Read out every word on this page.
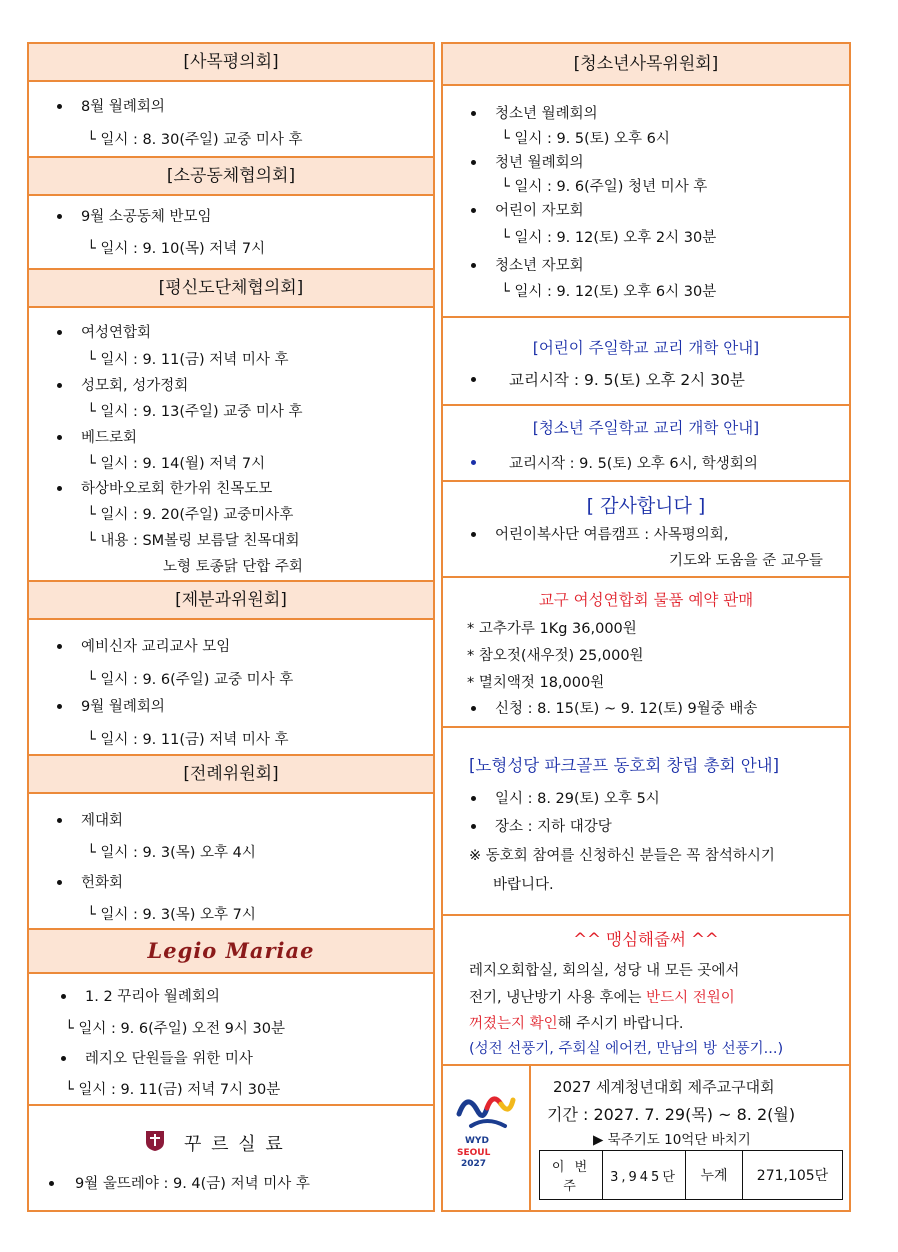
[사목평의회]
8월 월례회의
└ 일시 : 8. 30(주일) 교중 미사 후
[소공동체협의회]
9월 소공동체 반모임
└ 일시 : 9. 10(목) 저녁 7시
[평신도단체협의회]
여성연합회
└ 일시 : 9. 11(금) 저녁 미사 후
성모회, 성가정회
└ 일시 : 9. 13(주일) 교중 미사 후
베드로회
└ 일시 : 9. 14(월) 저녁 7시
하상바오로회 한가위 친목도모
└ 일시 : 9. 20(주일) 교중미사후
└ 내용 : SM볼링 보름달 친목대회
노형 토종닭 단합 주회
[제분과위원회]
예비신자 교리교사 모임
└ 일시 : 9. 6(주일) 교중 미사 후
9월 월례회의
└ 일시 : 9. 11(금) 저녁 미사 후
[전례위원회]
제대회
└ 일시 : 9. 3(목) 오후 4시
헌화회
└ 일시 : 9. 3(목) 오후 7시
Legio Mariae
1. 2 꾸리아 월례회의
└ 일시 : 9. 6(주일) 오전 9시 30분
레지오 단원들을 위한 미사
└ 일시 : 9. 11(금) 저녁 7시 30분
꾸 르 실 료
9월 울뜨레야 : 9. 4(금) 저녁 미사 후
[청소년사목위원회]
청소년 월례회의
└ 일시 : 9. 5(토) 오후 6시
청년 월례회의
└ 일시 : 9. 6(주일) 청년 미사 후
어린이 자모회
└ 일시 : 9. 12(토) 오후 2시 30분
청소년 자모회
└ 일시 : 9. 12(토) 오후 6시 30분
[어린이 주일학교 교리 개학 안내]
교리시작 : 9. 5(토) 오후 2시 30분
[청소년 주일학교 교리 개학 안내]
교리시작 : 9. 5(토) 오후 6시, 학생회의
[ 감사합니다 ]
어린이복사단 여름캠프 : 사목평의회,
기도와 도움을 준 교우들
교구 여성연합회 물품 예약 판매
* 고추가루 1Kg 36,000원
* 참오젓(새우젓) 25,000원
* 멸치액젓 18,000원
신청 : 8. 15(토) ~ 9. 12(토) 9월중 배송
[노형성당 파크골프 동호회 창립 총회 안내]
일시 : 8. 29(토) 오후 5시
장소 : 지하 대강당
※ 동호회 참여를 신청하신 분들은 꼭 참석하시기
바랍니다.
^^ 맹심해줍써 ^^
레지오회합실, 회의실, 성당 내 모든 곳에서
전기, 냉난방기 사용 후에는 반드시 전원이
꺼졌는지 확인해 주시기 바랍니다.
(성전 선풍기, 주회실 에어컨, 만남의 방 선풍기...)
WYD
SEOUL
2027
2027 세계청년대회 제주교구대회
기간 : 2027. 7. 29(목) ~ 8. 2(월)
▶ 묵주기도 10억단 바치기
이 번 주	3,945단	누계	271,105단
